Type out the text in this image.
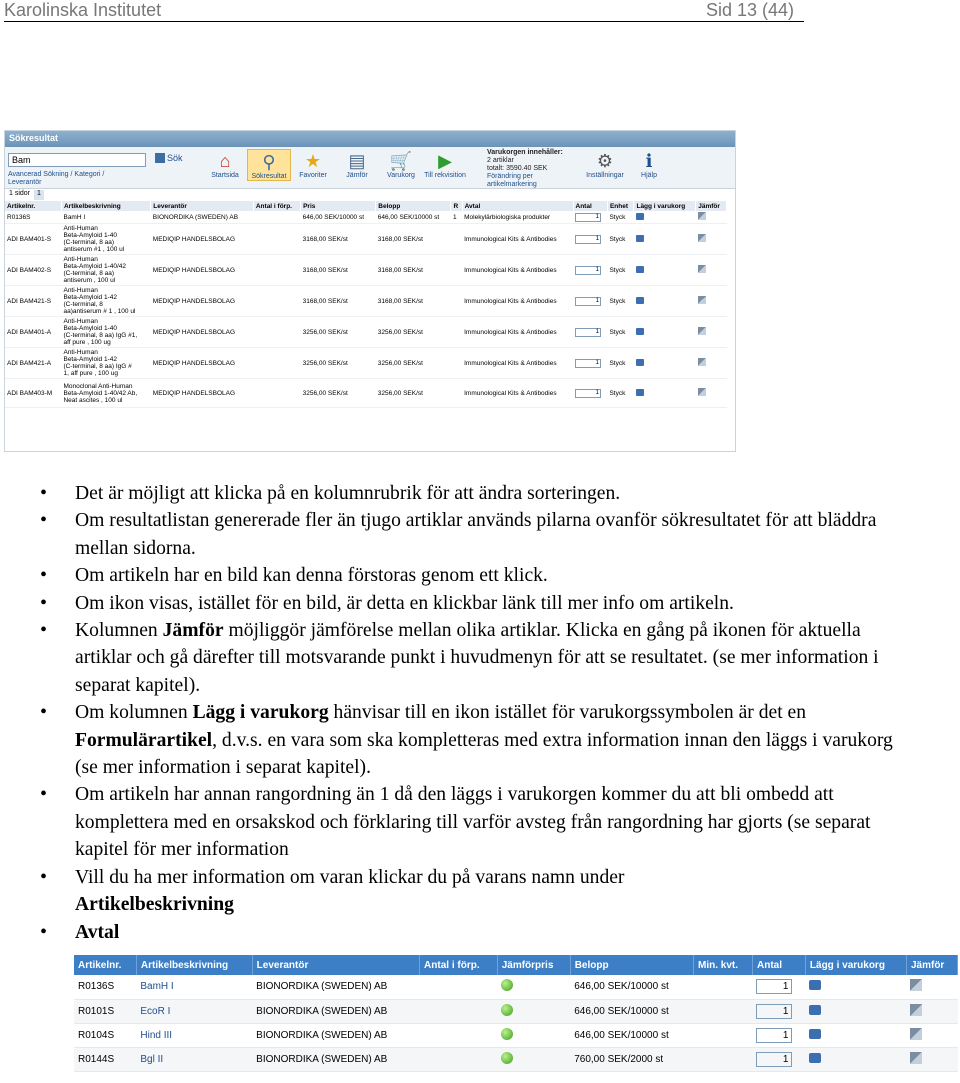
Karolinska Institutet	Sid 13 (44)
Sökresultat
Bam	Sök
Avancerad Sökning / Kategori /
Leverantör
⌂
Startsida
⚲
Sökresultat
★
Favoriter
▤
Jämför
🛒
Varukorg
▶
Till rekvisition
Varukorgen innehåller:
2 artiklar
totalt: 3590.40 SEK
Förändring per artikelmarkering
⚙
Inställningar
ℹ
Hjälp
1 sidor	1
Artikelnr.	Artikelbeskrivning	Leverantör	Antal i förp.	Pris	Belopp	R	Avtal	Antal	Enhet	Lägg i varukorg	Jämför
R0136S	BamH I	BIONORDIKA (SWEDEN) AB		646,00 SEK/10000 st	646,00 SEK/10000 st	1	Molekylärbiologiska produkter	1	Styck		
ADI BAM401-S	Anti-Human
Beta-Amyloid 1-40
(C-terminal, 8 aa)
antiserum #1 , 100 ul	MEDIQIP HANDELSBOLAG		3168,00 SEK/st	3168,00 SEK/st		Immunological Kits & Antibodies	1	Styck		
ADI BAM402-S	Anti-Human
Beta-Amyloid 1-40/42
(C-terminal, 8 aa)
antiserum , 100 ul	MEDIQIP HANDELSBOLAG		3168,00 SEK/st	3168,00 SEK/st		Immunological Kits & Antibodies	1	Styck		
ADI BAM421-S	Anti-Human
Beta-Amyloid 1-42
(C-terminal, 8
aa)antiserum # 1 , 100 ul	MEDIQIP HANDELSBOLAG		3168,00 SEK/st	3168,00 SEK/st		Immunological Kits & Antibodies	1	Styck		
ADI BAM401-A	Anti-Human
Beta-Amyloid 1-40
(C-terminal, 8 aa) IgG #1,
aff pure , 100 ug	MEDIQIP HANDELSBOLAG		3256,00 SEK/st	3256,00 SEK/st		Immunological Kits & Antibodies	1	Styck		
ADI BAM421-A	Anti-Human
Beta-Amyloid 1-42
(C-terminal, 8 aa) IgG #
1, aff pure , 100 ug	MEDIQIP HANDELSBOLAG		3256,00 SEK/st	3256,00 SEK/st		Immunological Kits & Antibodies	1	Styck		
ADI BAM403-M	Monoclonal Anti-Human
Beta-Amyloid 1-40/42 Ab,
Neat ascites , 100 ul	MEDIQIP HANDELSBOLAG		3256,00 SEK/st	3256,00 SEK/st		Immunological Kits & Antibodies	1	Styck		
• Det är möjligt att klicka på en kolumnrubrik för att ändra sorteringen.
• Om resultatlistan genererade fler än tjugo artiklar används pilarna ovanför sökresultatet för att bläddra mellan sidorna.
• Om artikeln har en bild kan denna förstoras genom ett klick.
• Om ikon visas, istället för en bild, är detta en klickbar länk till mer info om artikeln.
• Kolumnen Jämför möjliggör jämförelse mellan olika artiklar. Klicka en gång på ikonen för aktuella artiklar och gå därefter till motsvarande punkt i huvudmenyn för att se resultatet. (se mer information i separat kapitel).
• Om kolumnen Lägg i varukorg hänvisar till en ikon istället för varukorgssymbolen är det en Formulärartikel, d.v.s. en vara som ska kompletteras med extra information innan den läggs i varukorg (se mer information i separat kapitel).
• Om artikeln har annan rangordning än 1 då den läggs i varukorgen kommer du att bli ombedd att komplettera med en orsakskod och förklaring till varför avsteg från rangordning har gjorts (se separat kapitel för mer information
• Vill du ha mer information om varan klickar du på varans namn under
Artikelbeskrivning
• Avtal
Artikelnr.	Artikelbeskrivning	Leverantör	Antal i förp.	Jämförpris	Belopp	Min. kvt.	Antal	Lägg i varukorg	Jämför
R0136S	BamH I	BIONORDIKA (SWEDEN) AB			646,00 SEK/10000 st		1		
R0101S	EcoR I	BIONORDIKA (SWEDEN) AB			646,00 SEK/10000 st		1		
R0104S	Hind III	BIONORDIKA (SWEDEN) AB			646,00 SEK/10000 st		1		
R0144S	Bgl II	BIONORDIKA (SWEDEN) AB			760,00 SEK/2000 st		1		
